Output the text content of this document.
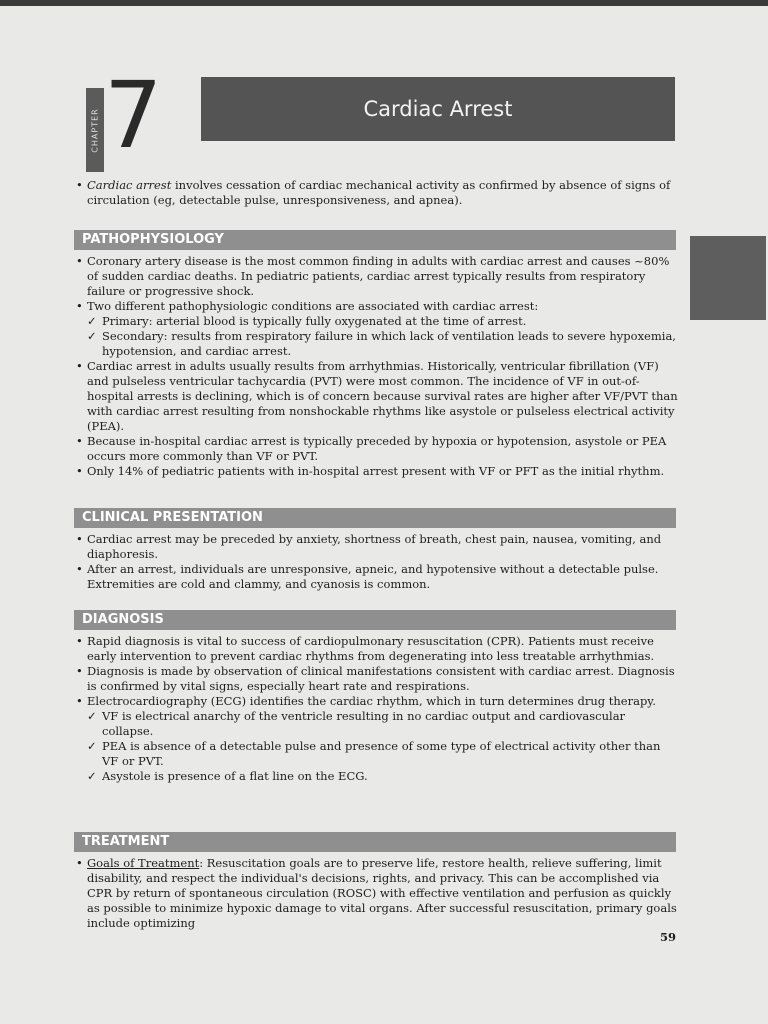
CHAPTER 7	Cardiac Arrest

• Cardiac arrest involves cessation of cardiac mechanical activity as confirmed by absence of signs of circulation (eg, detectable pulse, unresponsiveness, and apnea).

PATHOPHYSIOLOGY

• Coronary artery disease is the most common finding in adults with cardiac arrest and causes ~80% of sudden cardiac deaths. In pediatric patients, cardiac arrest typically results from respiratory failure or progressive shock.

• Two different pathophysiologic conditions are associated with cardiac arrest:

✓ Primary: arterial blood is typically fully oxygenated at the time of arrest.

✓ Secondary: results from respiratory failure in which lack of ventilation leads to severe hypoxemia, hypotension, and cardiac arrest.

• Cardiac arrest in adults usually results from arrhythmias. Historically, ventricular fibrillation (VF) and pulseless ventricular tachycardia (PVT) were most common. The incidence of VF in out-of-hospital arrests is declining, which is of concern because survival rates are higher after VF/PVT than with cardiac arrest resulting from nonshockable rhythms like asystole or pulseless electrical activity (PEA).

• Because in-hospital cardiac arrest is typically preceded by hypoxia or hypotension, asystole or PEA occurs more commonly than VF or PVT.

• Only 14% of pediatric patients with in-hospital arrest present with VF or PFT as the initial rhythm.

CLINICAL PRESENTATION

• Cardiac arrest may be preceded by anxiety, shortness of breath, chest pain, nausea, vomiting, and diaphoresis.

• After an arrest, individuals are unresponsive, apneic, and hypotensive without a detectable pulse. Extremities are cold and clammy, and cyanosis is common.

DIAGNOSIS

• Rapid diagnosis is vital to success of cardiopulmonary resuscitation (CPR). Patients must receive early intervention to prevent cardiac rhythms from degenerating into less treatable arrhythmias.

• Diagnosis is made by observation of clinical manifestations consistent with cardiac arrest. Diagnosis is confirmed by vital signs, especially heart rate and respirations.

• Electrocardiography (ECG) identifies the cardiac rhythm, which in turn determines drug therapy.

✓ VF is electrical anarchy of the ventricle resulting in no cardiac output and cardiovascular collapse.

✓ PEA is absence of a detectable pulse and presence of some type of electrical activity other than VF or PVT.

✓ Asystole is presence of a flat line on the ECG.

TREATMENT

• Goals of Treatment: Resuscitation goals are to preserve life, restore health, relieve suffering, limit disability, and respect the individual's decisions, rights, and privacy. This can be accomplished via CPR by return of spontaneous circulation (ROSC) with effective ventilation and perfusion as quickly as possible to minimize hypoxic damage to vital organs. After successful resuscitation, primary goals include optimizing

59
